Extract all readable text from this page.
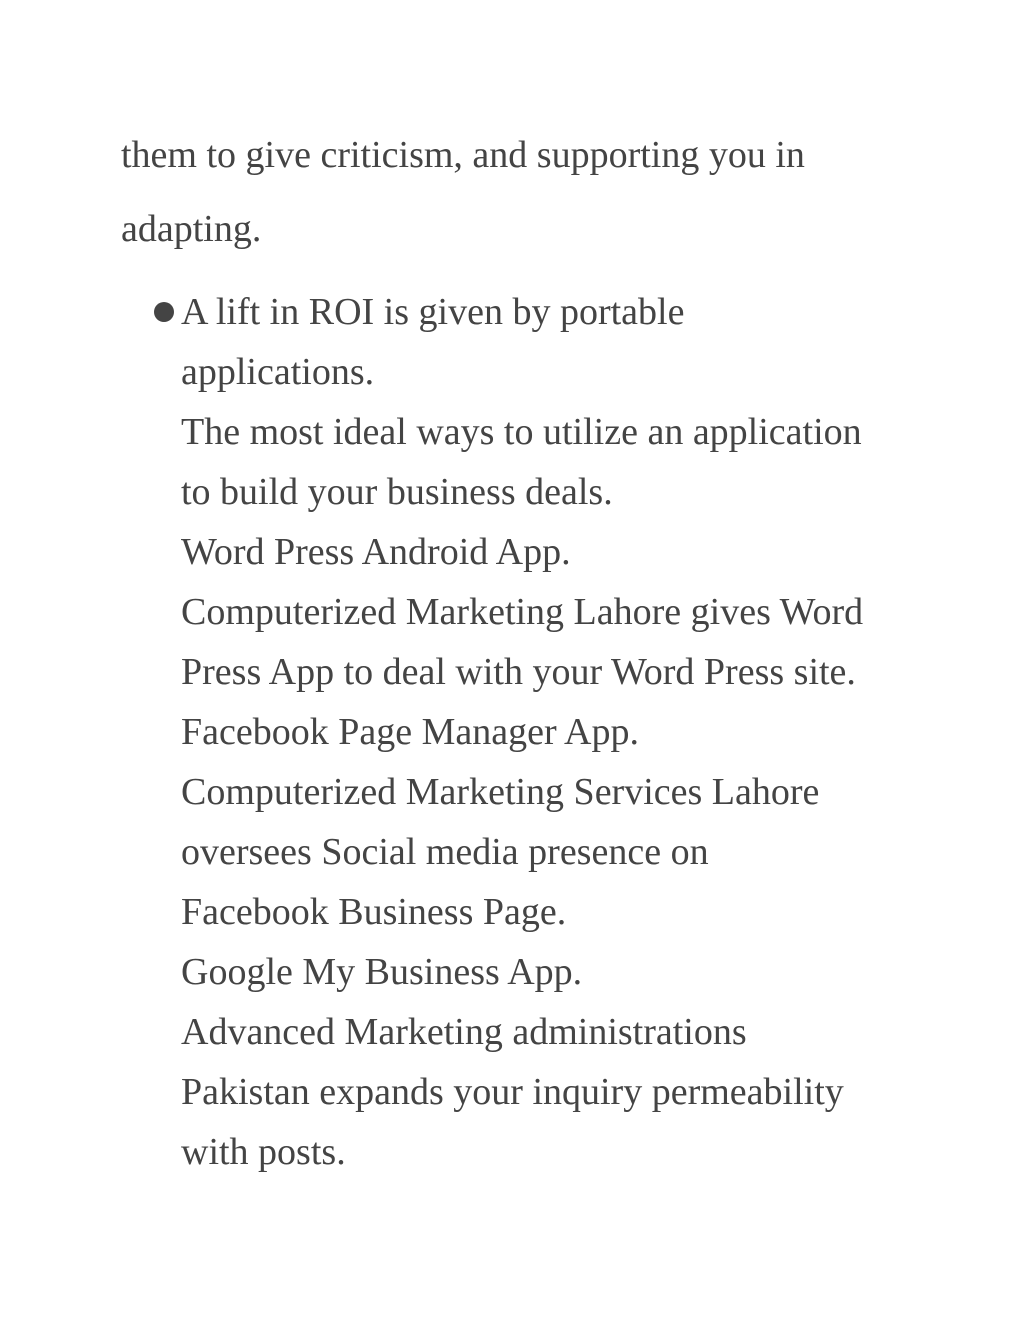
them to give criticism, and supporting you in
adapting.

A lift in ROI is given by portable
applications.
The most ideal ways to utilize an application
to build your business deals.
Word Press Android App.
Computerized Marketing Lahore gives Word
Press App to deal with your Word Press site.
Facebook Page Manager App.
Computerized Marketing Services Lahore
oversees Social media presence on
Facebook Business Page.
Google My Business App.
Advanced Marketing administrations
Pakistan expands your inquiry permeability
with posts.
